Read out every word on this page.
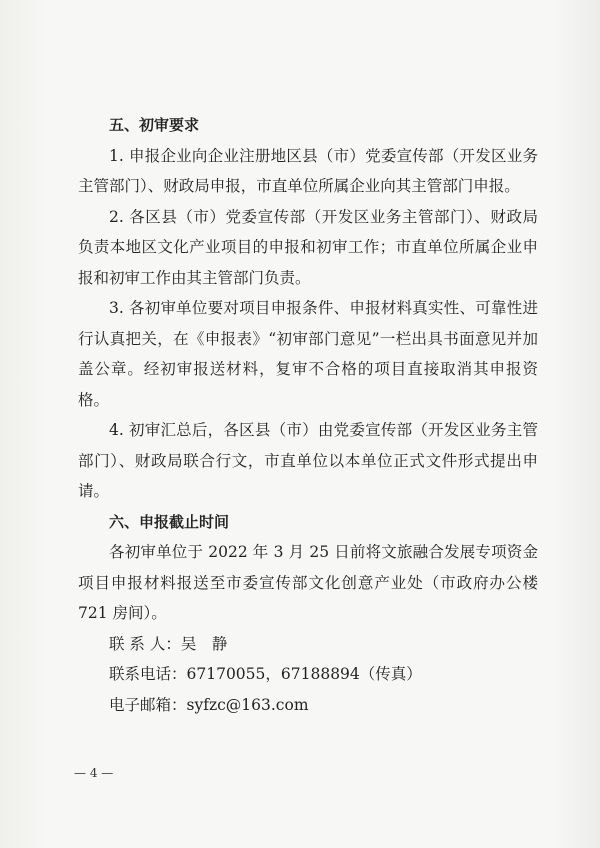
五、初审要求
1. 申报企业向企业注册地区县（市）党委宣传部（开发区业务主管部门）、财政局申报，市直单位所属企业向其主管部门申报。
2. 各区县（市）党委宣传部（开发区业务主管部门）、财政局负责本地区文化产业项目的申报和初审工作；市直单位所属企业申报和初审工作由其主管部门负责。
3. 各初审单位要对项目申报条件、申报材料真实性、可靠性进行认真把关，在《申报表》“初审部门意见”一栏出具书面意见并加盖公章。经初审报送材料，复审不合格的项目直接取消其申报资格。
4. 初审汇总后，各区县（市）由党委宣传部（开发区业务主管部门）、财政局联合行文，市直单位以本单位正式文件形式提出申请。
六、申报截止时间
各初审单位于 2022 年 3 月 25 日前将文旅融合发展专项资金项目申报材料报送至市委宣传部文化创意产业处（市政府办公楼 721 房间）。
联 系 人：吴　静
联系电话：67170055，67188894（传真）
电子邮箱：syfzc@163.com
— 4 —
